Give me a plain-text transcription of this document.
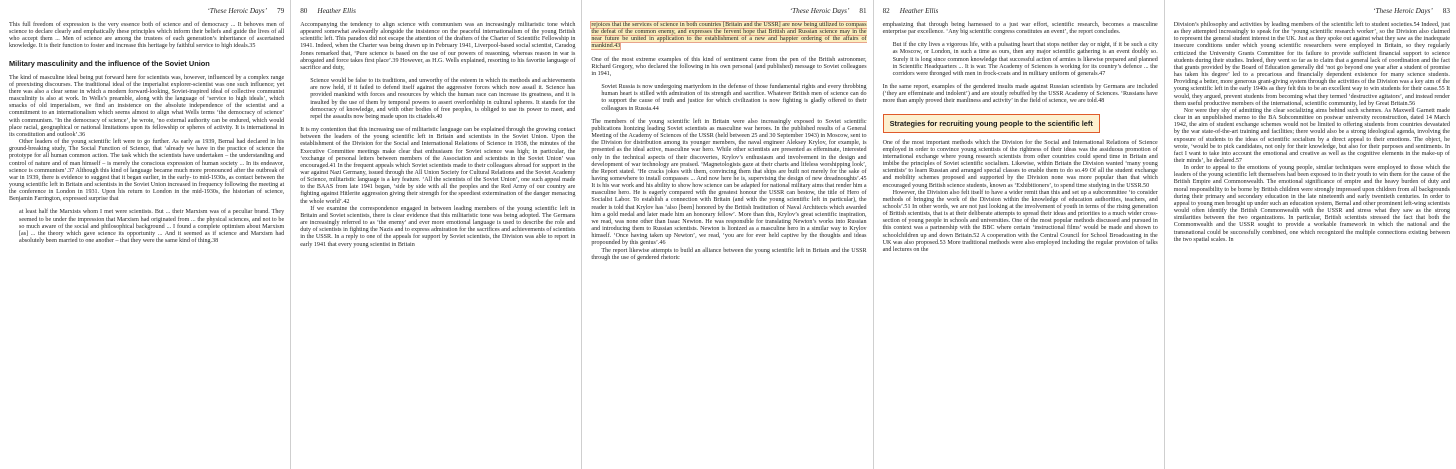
‘These Heroic Days’ 79

This full freedom of expression is the very essence both of science and of democracy ... It behoves men of science to declare clearly and emphatically these principles which inform their beliefs and guide the lives of all who accept them ... Men of science are among the trustees of each generation’s inheritance of ascertained knowledge. It is their function to foster and increase this heritage by faithful service to high ideals.35

Military masculinity and the influence of the Soviet Union

The kind of masculine ideal being put forward here for scientists was, however, influenced by a complex range of preexisting discourses. The traditional ideal of the imperialist explorer-scientist was one such influence; yet there was also a clear sense in which a modern forward-looking, Soviet-inspired ideal of collective communist masculinity is also at work. In Wells’s preamble, along with the language of ‘service to high ideals’, which smacks of old imperialism, we find an insistence on the absolute independence of the scientist and a commitment to an internationalism which seems almost to align what Wells terms ‘the democracy of science’ with communism. ‘In the democracy of science’, he wrote, ‘no external authority can be endured, which would place racial, geographical or national limitations upon its fellowship or spheres of activity. It is international in its constitution and outlook’.36

Other leaders of the young scientific left were to go further. As early as 1939, Bernal had declared in his ground-breaking study, The Social Function of Science, that ‘already we have in the practice of science the prototype for all human common action. The task which the scientists have undertaken – the understanding and control of nature and of man himself – is merely the conscious expression of human society ... In its endeavor, science is communism’.37 Although this kind of language became much more pronounced after the outbreak of war in 1939, there is evidence to suggest that it began earlier, in the early- to mid-1930s, as contact between the young scientific left in Britain and scientists in the Soviet Union increased in frequency following the meeting at the conference in London in 1931. Upon his return to London in the mid-1930s, the historian of science, Benjamin Farrington, expressed surprise that

at least half the Marxists whom I met were scientists. But ... their Marxism was of a peculiar brand. They seemed to be under the impression that Marxism had originated from ... the physical sciences, and not to be so much aware of the social and philosophical background ... I found a complete optimism about Marxism [as] ... the theory which gave science its opportunity ... And it seemed as if science and Marxism had absolutely been married to one another – that they were the same kind of thing.38

80 Heather Ellis

Accompanying the tendency to align science with communism was an increasingly militaristic tone which appeared somewhat awkwardly alongside the insistence on the peaceful internationalism of the young British scientific left. This paradox did not escape the attention of the drafters of the Charter of Scientific Fellowship in 1941. Indeed, when the Charter was being drawn up in February 1941, Liverpool-based social scientist, Caradog Jones remarked that, ‘Pure science is based on the use of our powers of reasoning, whereas reason in war is abrogated and force takes first place’.39 However, as H.G. Wells explained, resorting to his favorite language of sacrifice and duty,

Science would be false to its traditions, and unworthy of the esteem in which its methods and achievements are now held, if it failed to defend itself against the aggressive forces which now assail it. Science has provided mankind with forces and resources by which the human race can increase its greatness, and it is insulted by the use of them by temporal powers to assert overlordship in cultural spheres. It stands for the democracy of knowledge, and with other bodies of free peoples, is obliged to use its power to meet, and repel the assaults now being made upon its citadels.40

It is my contention that this increasing use of militaristic language can be explained through the growing contact between the leaders of the young scientific left in Britain and scientists in the Soviet Union. Upon the establishment of the Division for the Social and International Relations of Science in 1938, the minutes of the Executive Committee meetings make clear that enthusiasm for Soviet science was high; in particular, the ‘exchange of personal letters between members of the Association and scientists in the Soviet Union’ was encouraged.41 In the frequent appeals which Soviet scientists made to their colleagues abroad for support in the war against Nazi Germany, issued through the All Union Society for Cultural Relations and the Soviet Academy of Science, militaristic language is a key feature. ‘All the scientists of the Soviet Union’, one such appeal made to the BAAS from late 1941 began, ‘side by side with all the peoples and the Red Army of our country are fighting against Hitlerite aggression giving their strength for the speediest extermination of the danger menacing the whole world’.42

If we examine the correspondence engaged in between leading members of the young scientific left in Britain and Soviet scientists, there is clear evidence that this militaristic tone was being adopted. The Germans are increasingly referred to as ‘the enemy’ and ever more emotional language is used to describe the role and duty of scientists in fighting the Nazis and to express admiration for the sacrifices and achievements of scientists in the USSR. In a reply to one of the appeals for support by Soviet scientists, the Division was able to report in early 1941 that every young scientist in Britain

‘These Heroic Days’ 81

rejoices that the services of science in both countries [Britain and the USSR] are now being utilized to compass the defeat of the common enemy, and expresses the fervent hope that British and Russian science may in the near future be united in application to the establishment of a new and happier ordering of the affairs of mankind.43

One of the most extreme examples of this kind of sentiment came from the pen of the British astronomer, Richard Gregory, who declared the following in his own personal (and published) message to Soviet colleagues in 1941,

Soviet Russia is now undergoing martyrdom in the defense of those fundamental rights and every throbbing human heart is stilled with admiration of its strength and sacrifice. Whatever British men of science can do to support the cause of truth and justice for which civilization is now fighting is gladly offered to their colleagues in Russia.44

The members of the young scientific left in Britain were also increasingly exposed to Soviet scientific publications lionizing leading Soviet scientists as masculine war heroes. In the published results of a General Meeting of the Academy of Sciences of the USSR (held between 25 and 30 September 1943) in Moscow, sent to the Division for distribution among its younger members, the naval engineer Aleksey Krylov, for example, is presented as the ideal active, masculine war hero. While other scientists are presented as effeminate, interested only in the technical aspects of their discoveries, Krylov’s enthusiasm and involvement in the design and development of war technology are praised. ‘Magnetologists gaze at their charts and lifeless worshipping look’, the Report stated. ‘He cracks jokes with them, convincing them that ships are built not merely for the sake of having somewhere to install compasses ... And now here he is, supervising the design of new dreadnoughts’.45 It is his war work and his ability to show how science can be adapted for national military aims that render him a masculine hero. He is eagerly compared with the greatest honour the USSR can bestow, the title of Hero of Socialist Labor. To establish a connection with Britain (and with the young scientific left in particular), the reader is told that Krylov has ‘also [been] honored by the British Institution of Naval Architects which awarded him a gold medal and later made him an honorary fellow’. More than this, Krylov’s great scientific inspiration, we read, was none other than Isaac Newton. He was responsible for translating Newton’s works into Russian and introducing them to Russian scientists. Newton is lionized as a masculine hero in a similar way to Krylov himself. ‘Once having taken up Newton’, we read, ‘you are for ever held captive by the thoughts and ideas propounded by this genius’.46

The report likewise attempts to build an alliance between the young scientific left in Britain and the USSR through the use of gendered rhetoric

82 Heather Ellis

emphasizing that through being harnessed to a just war effort, scientific research, becomes a masculine enterprise par excellence. ‘Any big scientific congress constitutes an event’, the report concludes.

But if the city lives a vigorous life, with a pulsating heart that stops neither day or night, if it be such a city as Moscow, or London, in such a time as ours, then any major scientific gathering is an event doubly so. Surely it is long since common knowledge that successful action of armies is likewise prepared and planned in Scientific Headquarters ... It is war. The Academy of Sciences is working for its country’s defence ... the corridors were thronged with men in frock-coats and in military uniform of generals.47

In the same report, examples of the gendered insults made against Russian scientists by Germans are included (‘they are effeminate and indolent’) and are stoutly rebuffed by the USSR Academy of Sciences. ‘Russians have more than amply proved their manliness and activity’ in the field of science, we are told.48

Strategies for recruiting young people to the scientific left

One of the most important methods which the Division for the Social and International Relations of Science employed in order to convince young scientists of the rightness of their ideas was the assiduous promotion of international exchange where young research scientists from other countries could spend time in Britain and imbibe the principles of Soviet scientific socialism. Likewise, within Britain the Division wanted ‘many young scientists’ to learn Russian and arranged special classes to enable them to do so.49 Of all the student exchange and mobility schemes proposed and supported by the Division none was more popular than that which encouraged young British science students, known as ‘Exhibitioners’, to spend time studying in the USSR.50

However, the Division also felt itself to have a wider remit than this and set up a subcommittee ‘to consider methods of bringing the work of the Division within the knowledge of education authorities, teachers, and schools’.51 In other words, we are not just looking at the involvement of youth in terms of the rising generation of British scientists, that is at their deliberate attempts to spread their ideas and priorities to a much wider cross-section of young people in schools and universities. One of the most popular methods discussed and pursued in this context was a partnership with the BBC where certain ‘instructional films’ would be made and shown to schoolchildren up and down Britain.52 A cooperation with the Central Council for School Broadcasting in the UK was also proposed.53 More traditional methods were also employed including the regular provision of talks and lectures on the

‘These Heroic Days’ 83

Division’s philosophy and activities by leading members of the scientific left to student societies.54 Indeed, just as they attempted increasingly to speak for the ‘young scientific research worker’, so the Division also claimed to represent the general student interest in the UK. Just as they spoke out against what they saw as the inadequate insecure conditions under which young scientific researchers were employed in Britain, so they regularly criticized the University Grants Committee for its failure to provide sufficient financial support to science students during their studies. Indeed, they went so far as to claim that a general lack of coordination and the fact that grants provided by the Board of Education generally did ‘not go beyond one year after a student of promise has taken his degree’ led to a precarious and financially dependent existence for many science students. Providing a better, more generous grant-giving system through the activities of the Division was a key aim of the young scientific left in the early 1940s as they felt this to be an excellent way to win students for their cause.55 It would, they argued, prevent students from becoming what they termed ‘destructive agitators’, and instead render them useful productive members of the international, scientific community, led by Great Britain.56

Nor were they shy of admitting the clear socializing aims behind such schemes. As Maxwell Garnett made clear in an unpublished memo to the BA Subcommittee on postwar university reconstruction, dated 14 March 1942, the aim of student exchange schemes would not be limited to offering students from countries devastated by the war state-of-the-art training and facilities; there would also be a strong ideological agenda, involving the exposure of students to the ideas of scientific socialism by a direct appeal to their emotions. The object, he wrote, ‘would be to pick candidates, not only for their knowledge, but also for their purposes and sentiments. In fact I want to take into account the emotional and creative as well as the cognitive elements in the make-up of their minds’, he declared.57

In order to appeal to the emotions of young people, similar techniques were employed to those which the leaders of the young scientific left themselves had been exposed to in their youth to win them for the cause of the British Empire and Commonwealth. The emotional significance of empire and the heavy burden of duty and moral responsibility to be borne by British children were strongly impressed upon children from all backgrounds during their primary and secondary education in the late nineteenth and early twentieth centuries. In order to appeal to young men brought up under such an education system, Bernal and other prominent left-wing scientists would often identify the British Commonwealth with the USSR and stress what they saw as the strong similarities between the two organizations. In particular, British scientists stressed the fact that both the Commonwealth and the USSR sought to provide a workable framework in which the national and the transnational could be successfully combined, one which recognized the multiple connections existing between the two spatial scales. In
